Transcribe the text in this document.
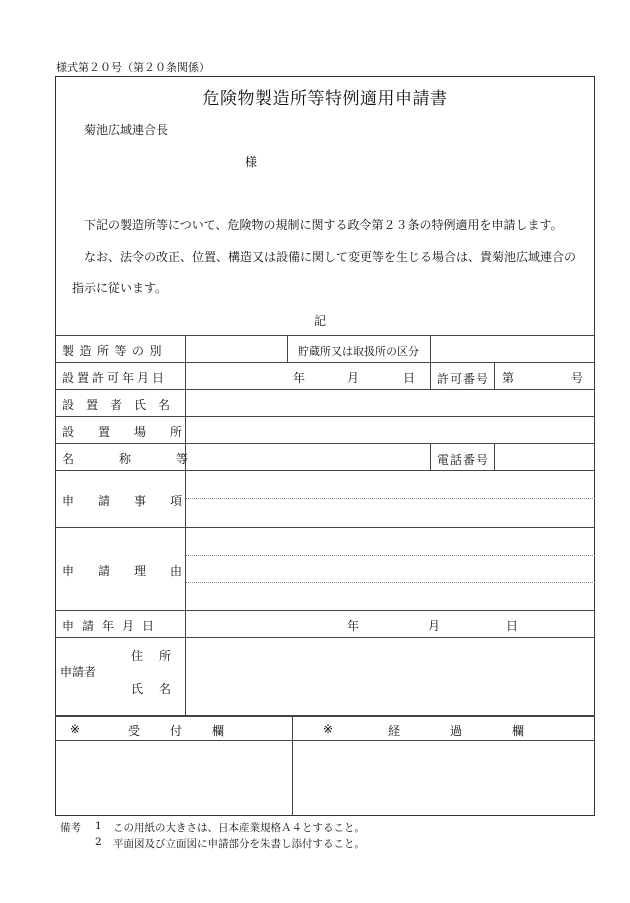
様式第２０号（第２０条関係）
危険物製造所等特例適用申請書
菊池広域連合長
様
下記の製造所等について、危険物の規制に関する政令第２３条の特例適用を申請します。
なお、法令の改正、位置、構造又は設備に関して変更等を生じる場合は、貴菊池広域連合の
指示に従います。
記
製造所等の別	貯蔵所又は取扱所の区分
設置許可年月日	年	月	日 許可番号 第	号
設置者氏名
設置場所
名称等	電話番号
申請事項
申請理由
申請年月日	年	月	日
申請者
住所
氏名
※	受付欄	※	経過欄
備考 1 この用紙の大きさは、日本産業規格Ａ４とすること。
2 平面図及び立面図に申請部分を朱書し添付すること。
